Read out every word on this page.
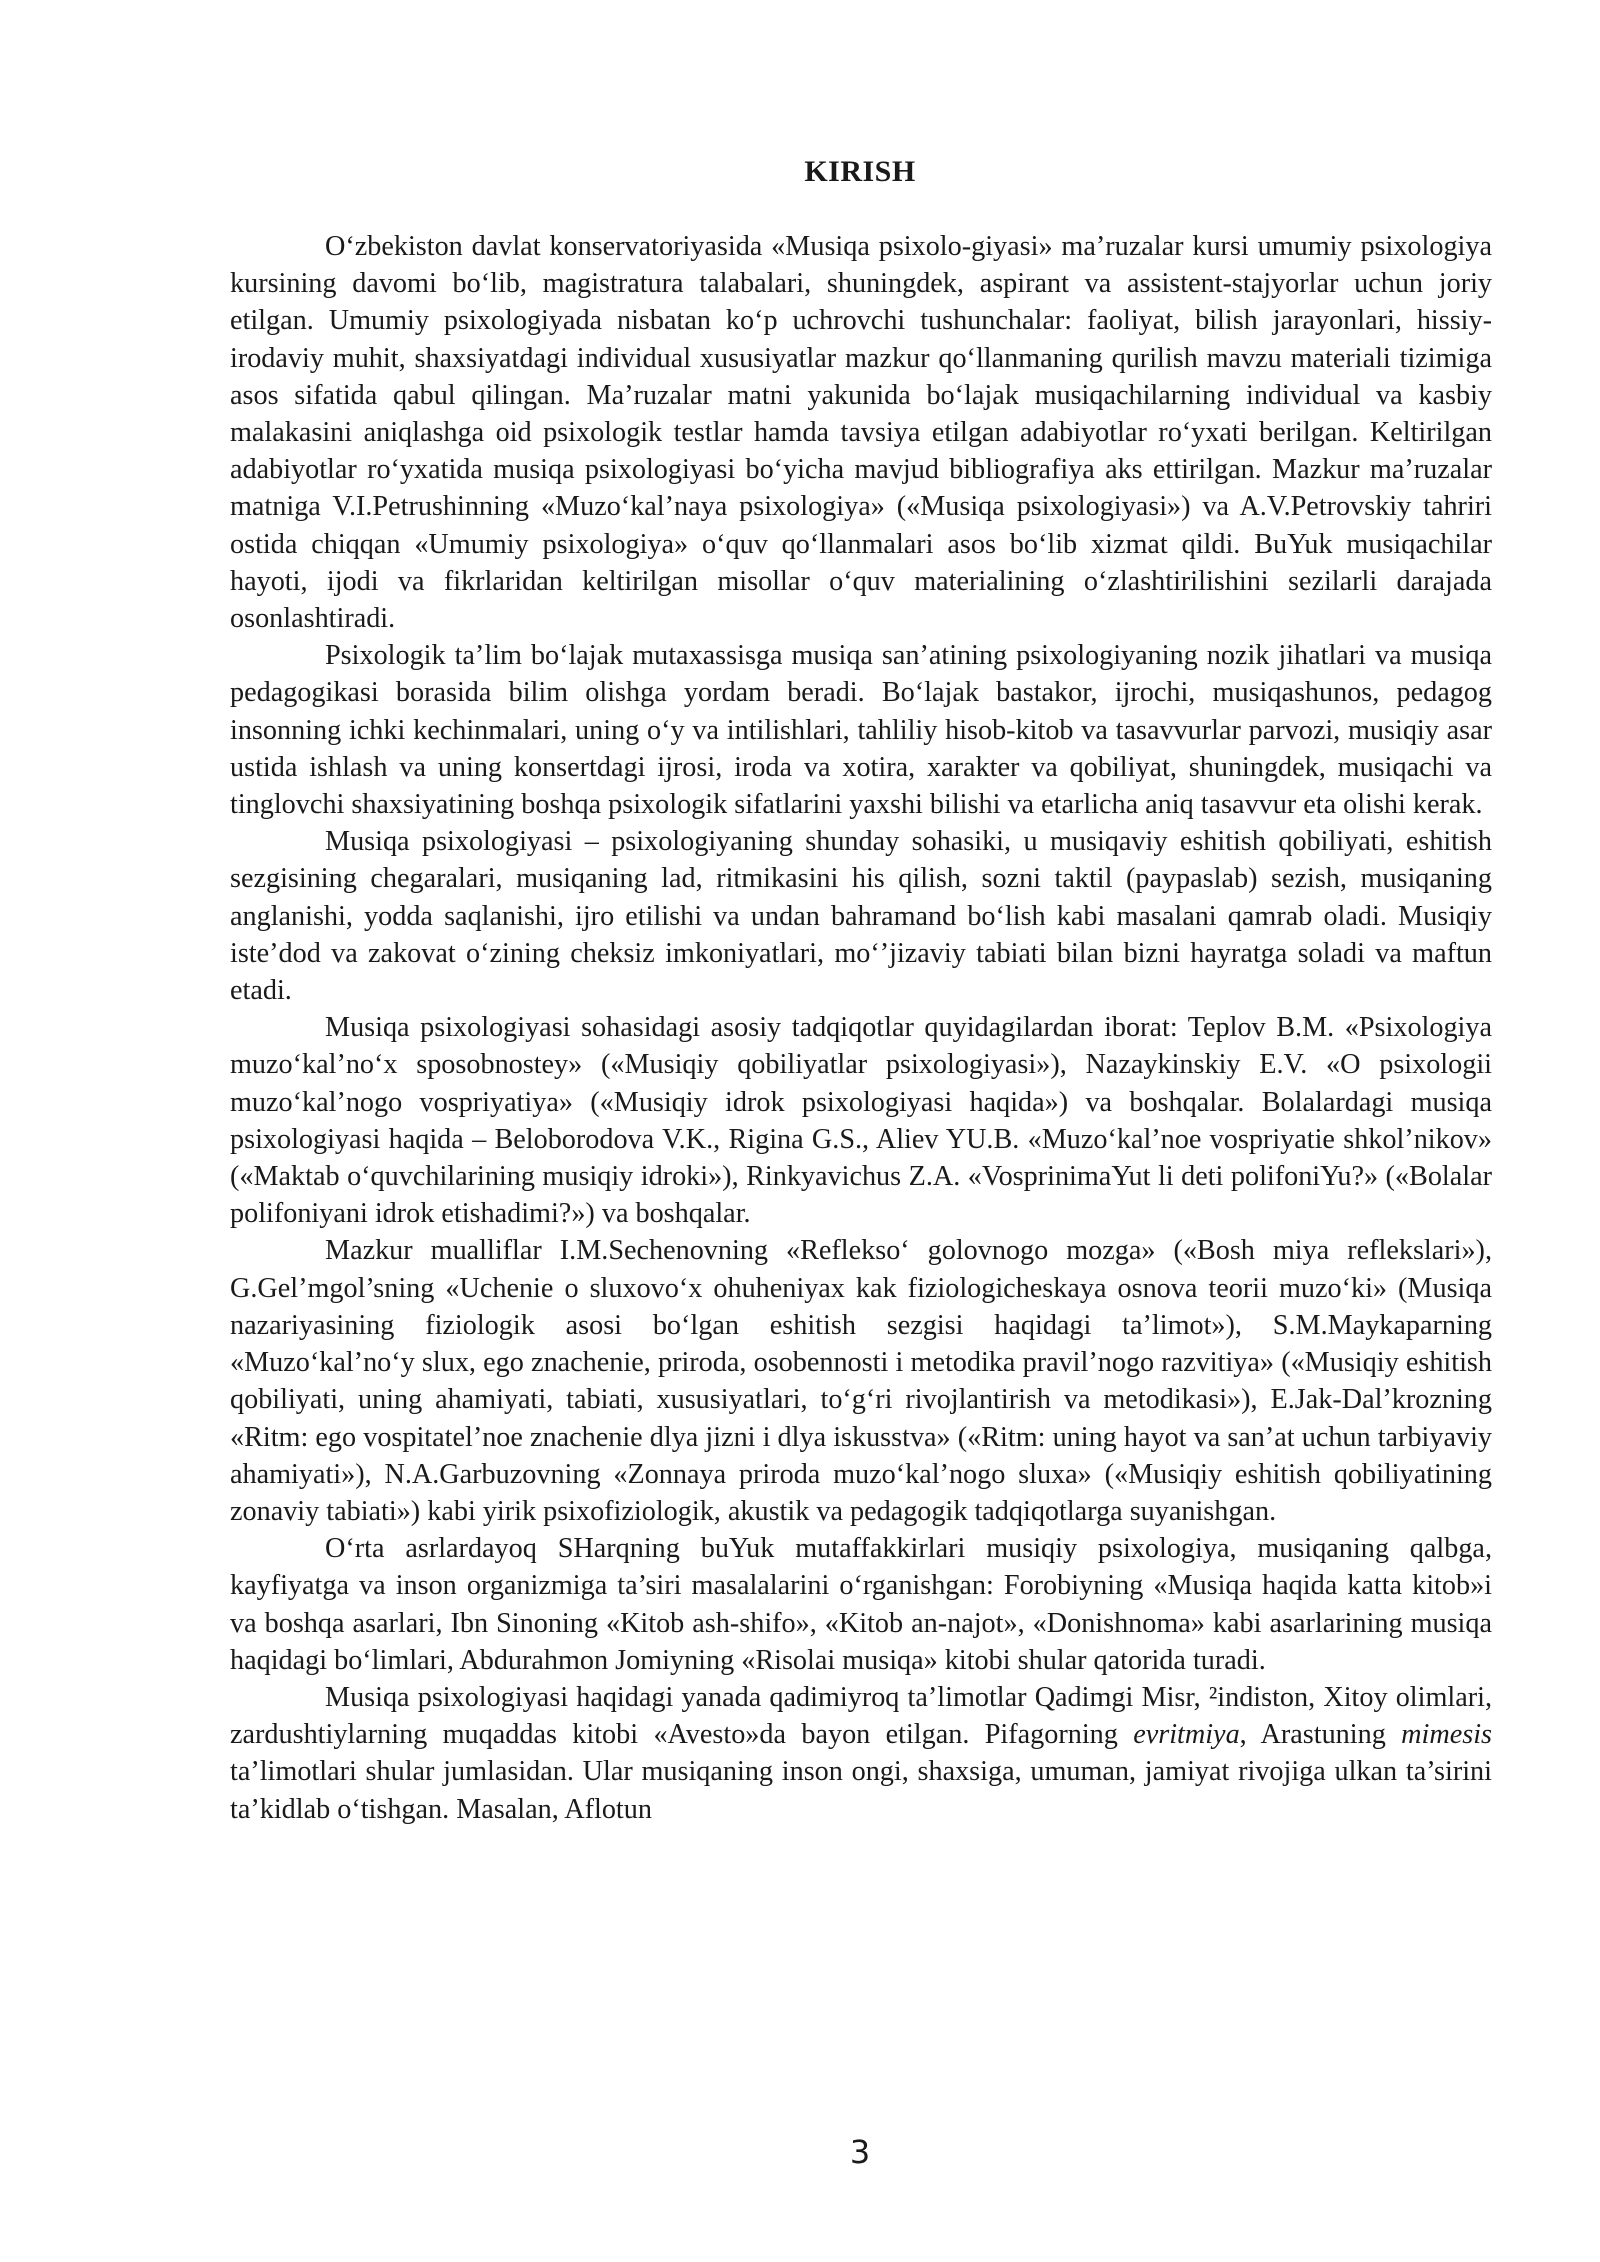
KIRISH

O‘zbekiston davlat konservatoriyasida «Musiqa psixolo-giyasi» ma’ruzalar kursi umumiy psixologiya kursining davomi bo‘lib, magistratura talabalari, shuningdek, aspirant va assistent-stajyorlar uchun joriy etilgan. Umumiy psixologiyada nisbatan ko‘p uchrovchi tushunchalar: faoliyat, bilish jarayonlari, hissiy-irodaviy muhit, shaxsiyatdagi individual xususiyatlar mazkur qo‘llanmaning qurilish mavzu materiali tizimiga asos sifatida qabul qilingan. Ma’ruzalar matni yakunida bo‘lajak musiqachilarning individual va kasbiy malakasini aniqlashga oid psixologik testlar hamda tavsiya etilgan adabiyotlar ro‘yxati berilgan. Keltirilgan adabiyotlar ro‘yxatida musiqa psixologiyasi bo‘yicha mavjud bibliografiya aks ettirilgan. Mazkur ma’ruzalar matniga V.I.Petrushinning «Muzo‘kal’naya psixologiya» («Musiqa psixologiyasi») va A.V.Petrovskiy tahriri ostida chiqqan «Umumiy psixologiya» o‘quv qo‘llanmalari asos bo‘lib xizmat qildi. BuYuk musiqachilar hayoti, ijodi va fikrlaridan keltirilgan misollar o‘quv materialining o‘zlashtirilishini sezilarli darajada osonlashtiradi.

Psixologik ta’lim bo‘lajak mutaxassisga musiqa san’atining psixologiyaning nozik jihatlari va musiqa pedagogikasi borasida bilim olishga yordam beradi. Bo‘lajak bastakor, ijrochi, musiqashunos, pedagog insonning ichki kechinmalari, uning o‘y va intilishlari, tahliliy hisob-kitob va tasavvurlar parvozi, musiqiy asar ustida ishlash va uning konsertdagi ijrosi, iroda va xotira, xarakter va qobiliyat, shuningdek, musiqachi va tinglovchi shaxsiyatining boshqa psixologik sifatlarini yaxshi bilishi va etarlicha aniq tasavvur eta olishi kerak.

Musiqa psixologiyasi – psixologiyaning shunday sohasiki, u musiqaviy eshitish qobiliyati, eshitish sezgisining chegaralari, musiqaning lad, ritmikasini his qilish, sozni taktil (paypaslab) sezish, musiqaning anglanishi, yodda saqlanishi, ijro etilishi va undan bahramand bo‘lish kabi masalani qamrab oladi. Musiqiy iste’dod va zakovat o‘zining cheksiz imkoniyatlari, mo‘’jizaviy tabiati bilan bizni hayratga soladi va maftun etadi.

Musiqa psixologiyasi sohasidagi asosiy tadqiqotlar quyidagilardan iborat: Teplov B.M. «Psixologiya muzo‘kal’no‘x sposobnostey» («Musiqiy qobiliyatlar psixologiyasi»), Nazaykinskiy E.V. «O psixologii muzo‘kal’nogo vospriyatiya» («Musiqiy idrok psixologiyasi haqida») va boshqalar. Bolalardagi musiqa psixologiyasi haqida – Beloborodova V.K., Rigina G.S., Aliev YU.B. «Muzo‘kal’noe vospriyatie shkol’nikov» («Maktab o‘quvchilarining musiqiy idroki»), Rinkyavichus Z.A. «VosprinimaYut li deti polifoniYu?» («Bolalar polifoniyani idrok etishadimi?») va boshqalar.

Mazkur mualliflar I.M.Sechenovning «Reflekso‘ golovnogo mozga» («Bosh miya reflekslari»), G.Gel’mgol’sning «Uchenie o sluxovo‘x ohuheniyax kak fiziologicheskaya osnova teorii muzo‘ki» (Musiqa nazariyasining fiziologik asosi bo‘lgan eshitish sezgisi haqidagi ta’limot»), S.M.Maykaparning «Muzo‘kal’no‘y slux, ego znachenie, priroda, osobennosti i metodika pravil’nogo razvitiya» («Musiqiy eshitish qobiliyati, uning ahamiyati, tabiati, xususiyatlari, to‘g‘ri rivojlantirish va metodikasi»), E.Jak-Dal’krozning «Ritm: ego vospitatel’noe znachenie dlya jizni i dlya iskusstva» («Ritm: uning hayot va san’at uchun tarbiyaviy ahamiyati»), N.A.Garbuzovning «Zonnaya priroda muzo‘kal’nogo sluxa» («Musiqiy eshitish qobiliyatining zonaviy tabiati») kabi yirik psixofiziologik, akustik va pedagogik tadqiqotlarga suyanishgan.

O‘rta asrlardayoq SHarqning buYuk mutaffakkirlari musiqiy psixologiya, musiqaning qalbga, kayfiyatga va inson organizmiga ta’siri masalalarini o‘rganishgan: Forobiyning «Musiqa haqida katta kitob»i va boshqa asarlari, Ibn Sinoning «Kitob ash-shifo», «Kitob an-najot», «Donishnoma» kabi asarlarining musiqa haqidagi bo‘limlari, Abdurahmon Jomiyning «Risolai musiqa» kitobi shular qatorida turadi.

Musiqa psixologiyasi haqidagi yanada qadimiyroq ta’limotlar Qadimgi Misr, ²indiston, Xitoy olimlari, zardushtiylarning muqaddas kitobi «Avesto»da bayon etilgan. Pifagorning evritmiya, Arastuning mimesis ta’limotlari shular jumlasidan. Ular musiqaning inson ongi, shaxsiga, umuman, jamiyat rivojiga ulkan ta’sirini ta’kidlab o‘tishgan. Masalan, Aflotun

3
